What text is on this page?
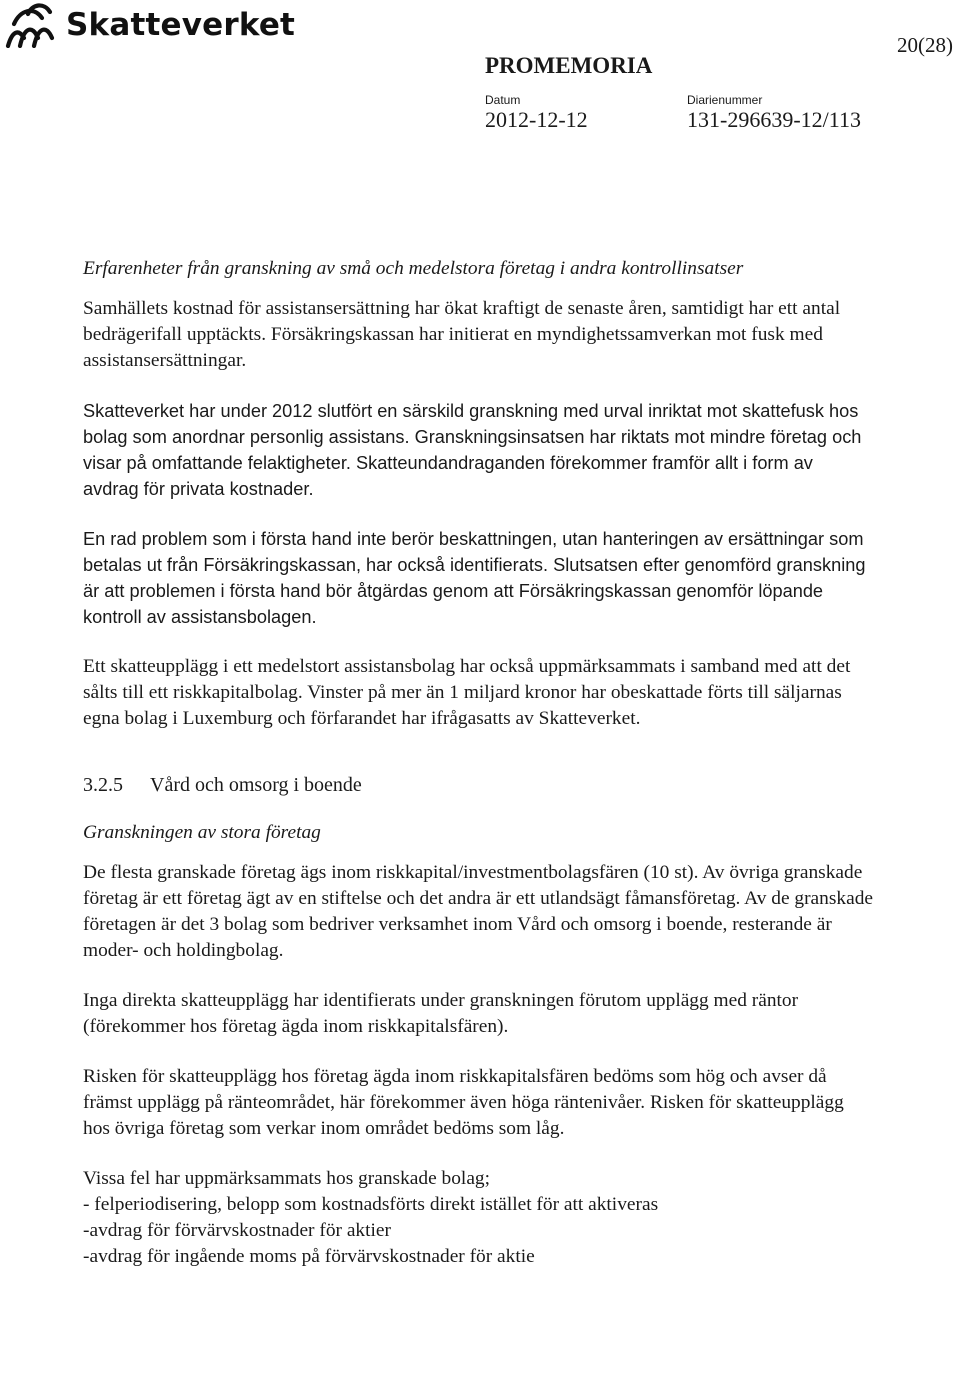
Skatteverket
20(28)
PROMEMORIA
Datum
2012-12-12
Diarienummer
131-296639-12/113

Erfarenheter från granskning av små och medelstora företag i andra kontrollinsatser

Samhällets kostnad för assistansersättning har ökat kraftigt de senaste åren, samtidigt har ett antal bedrägerifall upptäckts. Försäkringskassan har initierat en myndighetssamverkan mot fusk med assistansersättningar.

Skatteverket har under 2012 slutfört en särskild granskning med urval inriktat mot skattefusk hos bolag som anordnar personlig assistans. Granskningsinsatsen har riktats mot mindre företag och visar på omfattande felaktigheter. Skatteundandraganden förekommer framför allt i form av avdrag för privata kostnader.

En rad problem som i första hand inte berör beskattningen, utan hanteringen av ersättningar som betalas ut från Försäkringskassan, har också identifierats. Slutsatsen efter genomförd granskning är att problemen i första hand bör åtgärdas genom att Försäkringskassan genomför löpande kontroll av assistansbolagen.

Ett skatteupplägg i ett medelstort assistansbolag har också uppmärksammats i samband med att det sålts till ett riskkapitalbolag. Vinster på mer än 1 miljard kronor har obeskattade förts till säljarnas egna bolag i Luxemburg och förfarandet har ifrågasatts av Skatteverket.

3.2.5	Vård och omsorg i boende

Granskningen av stora företag

De flesta granskade företag ägs inom riskkapital/investmentbolagsfären (10 st). Av övriga granskade företag är ett företag ägt av en stiftelse och det andra är ett utlandsägt fåmansföretag. Av de granskade företagen är det 3 bolag som bedriver verksamhet inom Vård och omsorg i boende, resterande är moder- och holdingbolag.

Inga direkta skatteupplägg har identifierats under granskningen förutom upplägg med räntor (förekommer hos företag ägda inom riskkapitalsfären).

Risken för skatteupplägg hos företag ägda inom riskkapitalsfären bedöms som hög och avser då främst upplägg på ränteområdet, här förekommer även höga räntenivåer. Risken för skatteupplägg hos övriga företag som verkar inom området bedöms som låg.

Vissa fel har uppmärksammats hos granskade bolag;
- felperiodisering, belopp som kostnadsförts direkt istället för att aktiveras
-avdrag för förvärvskostnader för aktier
-avdrag för ingående moms på förvärvskostnader för aktie
